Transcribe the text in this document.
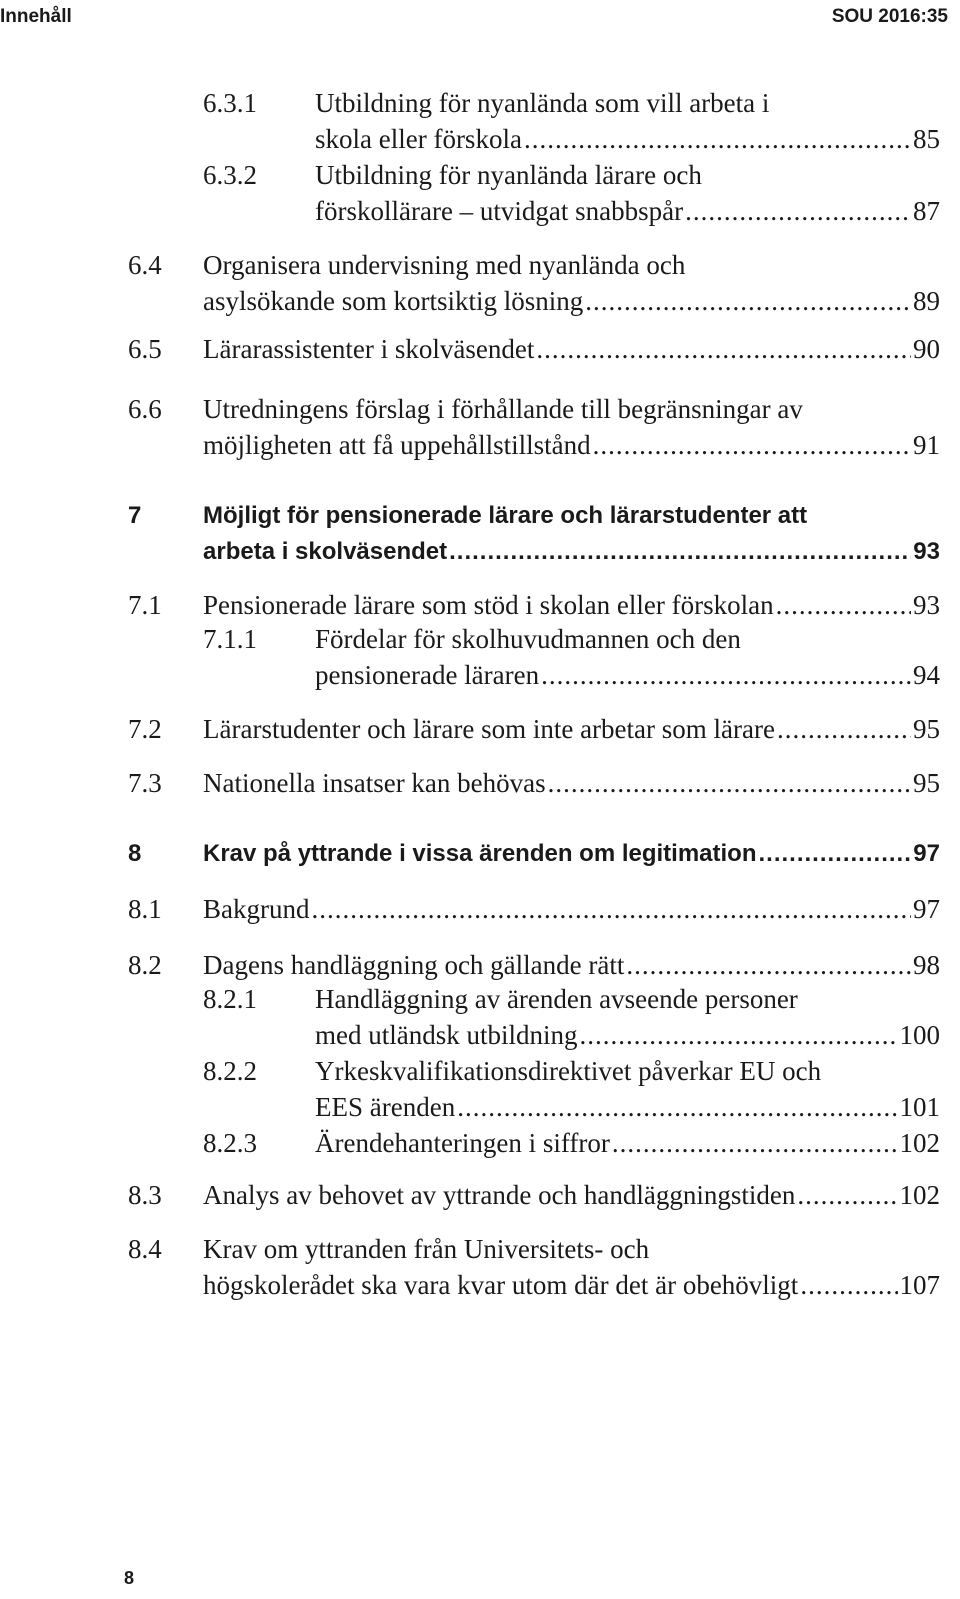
Innehåll	SOU 2016:35
6.3.1 Utbildning för nyanlända som vill arbeta i
skola eller förskola .....	85
6.3.2 Utbildning för nyanlända lärare och
förskollärare – utvidgat snabbspår .....	87
6.4 Organisera undervisning med nyanlända och
asylsökande som kortsiktig lösning .....	89
6.5 Lärarassistenter i skolväsendet .....	90
6.6 Utredningens förslag i förhållande till begränsningar av
möjligheten att få uppehållstillstånd .....	91
7	Möjligt för pensionerade lärare och lärarstudenter att
arbeta i skolväsendet .....	93
7.1 Pensionerade lärare som stöd i skolan eller förskolan .....	93
7.1.1 Fördelar för skolhuvudmannen och den
pensionerade läraren .....	94
7.2 Lärarstudenter och lärare som inte arbetar som lärare .....	95
7.3 Nationella insatser kan behövas .....	95
8	Krav på yttrande i vissa ärenden om legitimation .....	97
8.1 Bakgrund .....	97
8.2 Dagens handläggning och gällande rätt .....	98
8.2.1 Handläggning av ärenden avseende personer
med utländsk utbildning .....	100
8.2.2 Yrkeskvalifikationsdirektivet påverkar EU och
EES ärenden .....	101
8.2.3 Ärendehanteringen i siffror .....	102
8.3 Analys av behovet av yttrande och handläggningstiden .....	102
8.4 Krav om yttranden från Universitets- och
högskolerådet ska vara kvar utom där det är obehövligt .....	107
8
